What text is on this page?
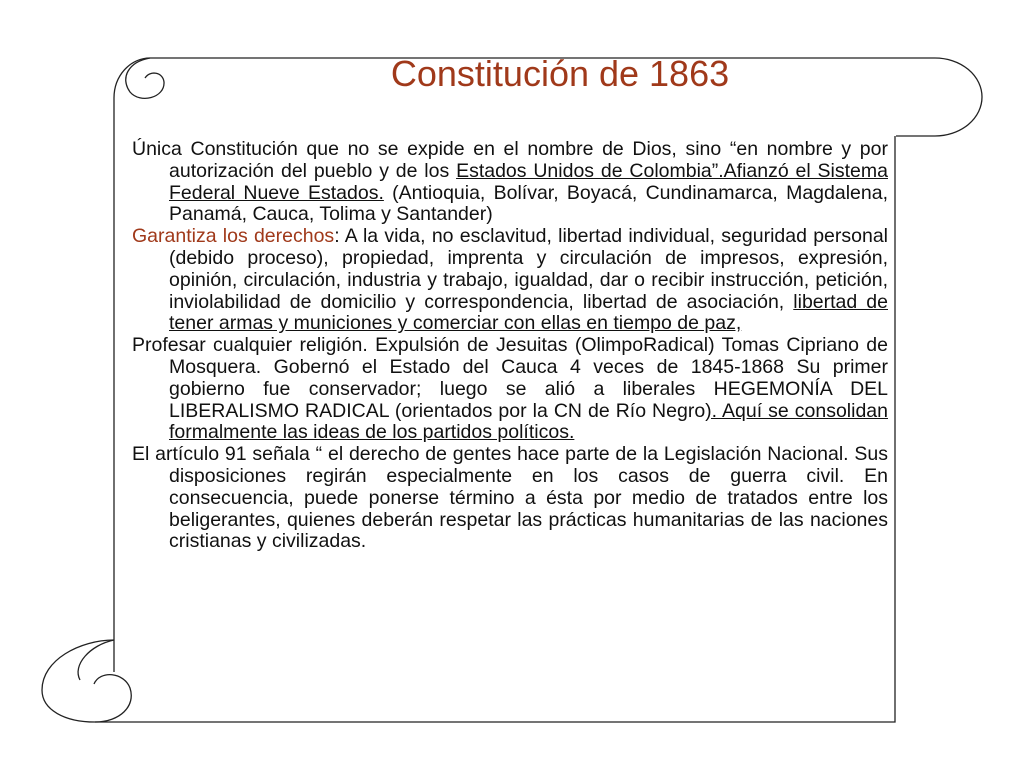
Constitución de 1863

Única Constitución que no se expide en el nombre de Dios, sino “en nombre y por autorización del pueblo y de los Estados Unidos de Colombia”.Afianzó el Sistema Federal Nueve Estados. (Antioquia, Bolívar, Boyacá, Cundinamarca, Magdalena, Panamá, Cauca, Tolima y Santander)

Garantiza los derechos: A la vida, no esclavitud, libertad individual, seguridad personal (debido proceso), propiedad, imprenta y circulación de impresos, expresión, opinión, circulación, industria y trabajo, igualdad, dar o recibir instrucción, petición, inviolabilidad de domicilio y correspondencia, libertad de asociación, libertad de tener armas y municiones y comerciar con ellas en tiempo de paz,

Profesar cualquier religión. Expulsión de Jesuitas (OlimpoRadical) Tomas Cipriano de Mosquera. Gobernó el Estado del Cauca 4 veces de 1845-1868 Su primer gobierno fue conservador; luego se alió a liberales HEGEMONÍA DEL LIBERALISMO RADICAL (orientados por la CN de Río Negro). Aquí se consolidan formalmente las ideas de los partidos políticos.

El artículo 91 señala “ el derecho de gentes hace parte de la Legislación Nacional. Sus disposiciones regirán especialmente en los casos de guerra civil. En consecuencia, puede ponerse término a ésta por medio de tratados entre los beligerantes, quienes deberán respetar las prácticas humanitarias de las naciones cristianas y civilizadas.
